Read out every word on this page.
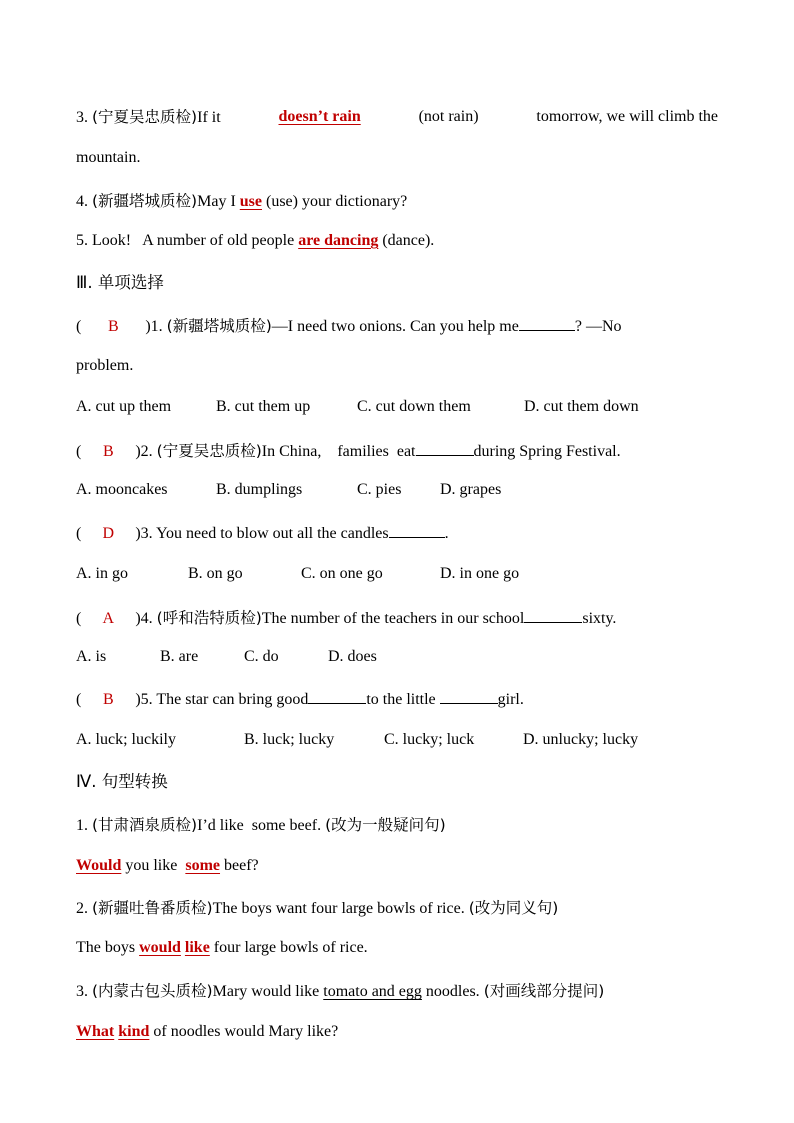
3. (宁夏吴忠质检)If it	doesn’t rain	(not rain)	tomorrow, we will climb the
mountain.
4. (新疆塔城质检)May I use (use) your dictionary?
5. Look!   A number of old people are dancing (dance).
Ⅲ. 单项选择
( B )1. (新疆塔城质检)—I need two onions. Can you help me	? —No
problem.
A. cut up them	B. cut them up	C. cut down them	D. cut them down
( B )2. (宁夏吴忠质检)In China,    families  eat	during Spring Festival.
A. mooncakes	B. dumplings	C. pies D. grapes
( D )3. You need to blow out all the candles	.
A. in go	B. on go	C. on one go	D. in one go
( A )4. (呼和浩特质检)The number of the teachers in our school	sixty.
A. is	B. are	C. do	D. does
( B )5. The star can bring good	to the little	girl.
A. luck; luckily	B. luck; lucky	C. lucky; luck	D. unlucky; lucky
Ⅳ. 句型转换
1. (甘肃酒泉质检)I’d like  some beef. (改为一般疑问句)
Would you like some beef?
2. (新疆吐鲁番质检)The boys want four large bowls of rice. (改为同义句)
The boys would like four large bowls of rice.
3. (内蒙古包头质检)Mary would like tomato and egg noodles. (对画线部分提问)
What kind of noodles would Mary like?
